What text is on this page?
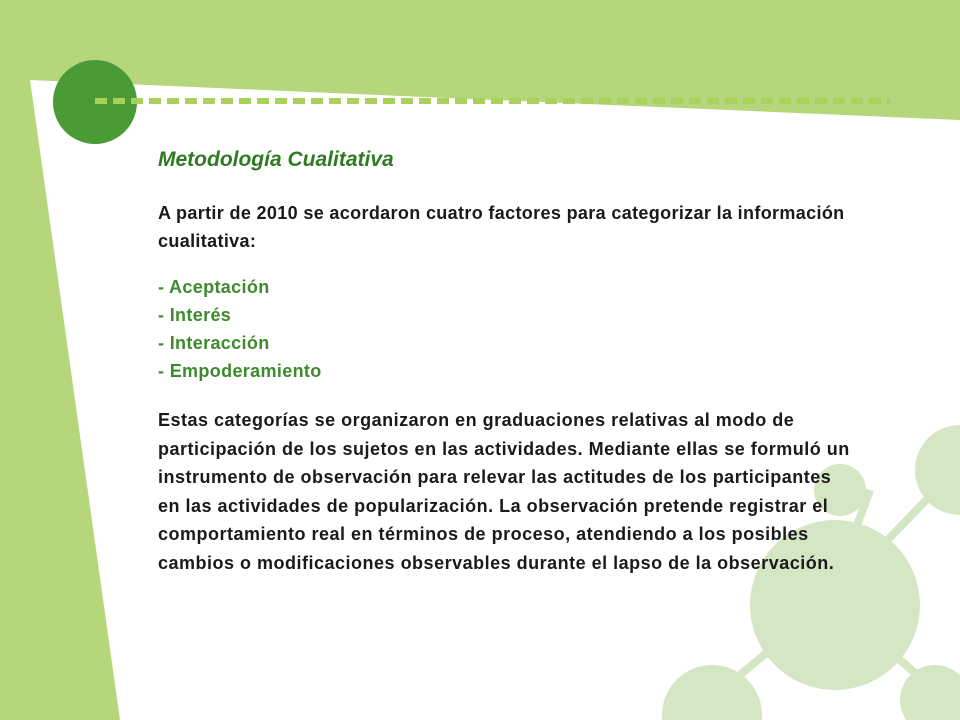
Metodología Cualitativa

A partir de 2010 se acordaron cuatro factores para categorizar la información cualitativa:

- Aceptación
- Interés
- Interacción
- Empoderamiento

Estas categorías se organizaron en graduaciones relativas al modo de participación de los sujetos en las actividades. Mediante ellas se formuló un instrumento de observación para relevar las actitudes de los participantes en las actividades de popularización. La observación pretende registrar el comportamiento real en términos de proceso, atendiendo a los posibles cambios o modificaciones observables durante el lapso de la observación.
